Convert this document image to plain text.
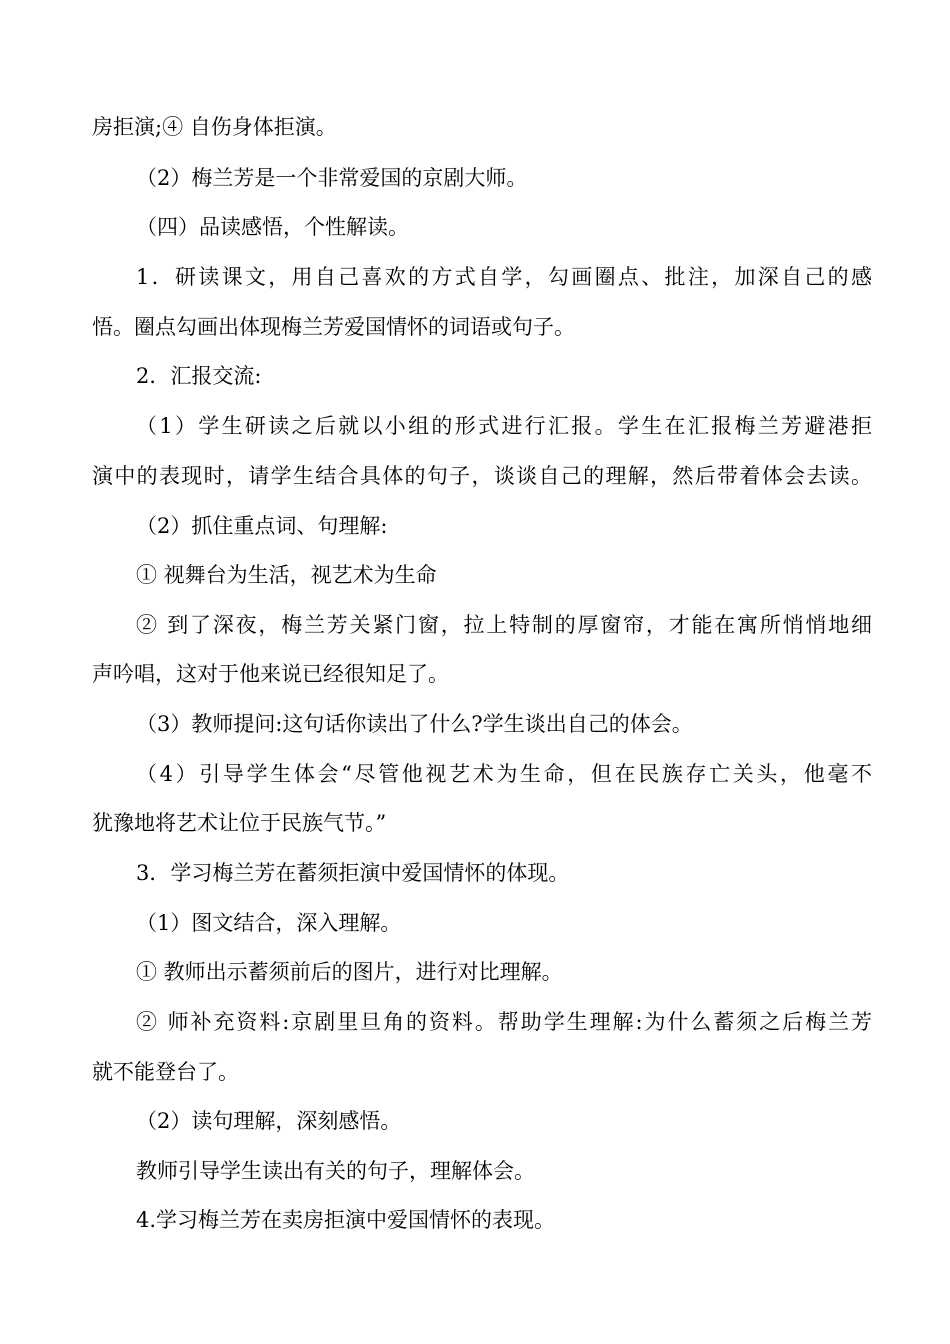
房拒演;④ 自伤身体拒演。
（2）梅兰芳是一个非常爱国的京剧大师。
（四）品读感悟，个性解读。
1．研读课文，用自己喜欢的方式自学，勾画圈点、批注，加深自己的感
悟。圈点勾画出体现梅兰芳爱国情怀的词语或句子。
2．汇报交流:
（1）学生研读之后就以小组的形式进行汇报。学生在汇报梅兰芳避港拒
演中的表现时，请学生结合具体的句子，谈谈自己的理解，然后带着体会去读。
（2）抓住重点词、句理解:
① 视舞台为生活，视艺术为生命
② 到了深夜，梅兰芳关紧门窗，拉上特制的厚窗帘，才能在寓所悄悄地细
声吟唱，这对于他来说已经很知足了。
（3）教师提问:这句话你读出了什么?学生谈出自己的体会。
（4）引导学生体会“尽管他视艺术为生命，但在民族存亡关头，他毫不
犹豫地将艺术让位于民族气节。”
3．学习梅兰芳在蓄须拒演中爱国情怀的体现。
（1）图文结合，深入理解。
① 教师出示蓄须前后的图片，进行对比理解。
② 师补充资料:京剧里旦角的资料。帮助学生理解:为什么蓄须之后梅兰芳
就不能登台了。
（2）读句理解，深刻感悟。
教师引导学生读出有关的句子，理解体会。
4.学习梅兰芳在卖房拒演中爱国情怀的表现。
